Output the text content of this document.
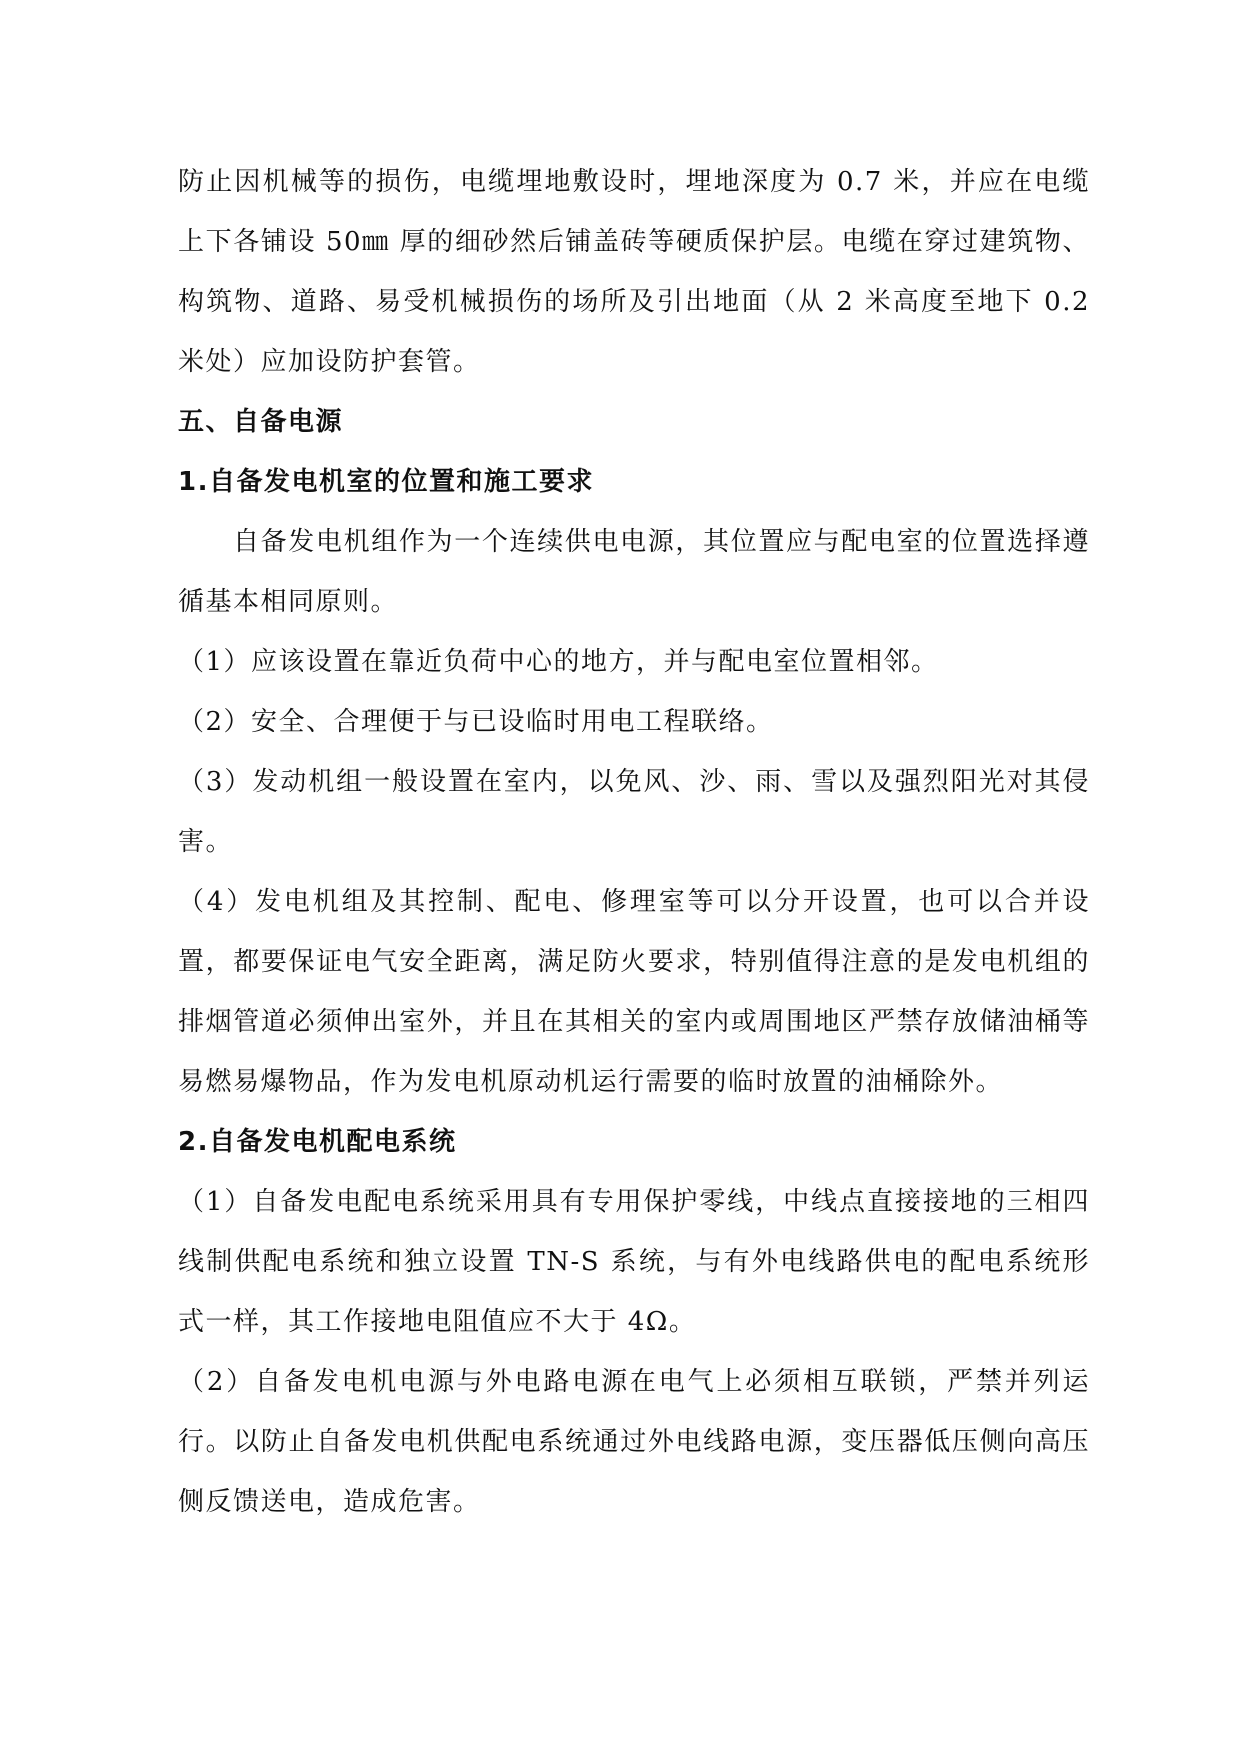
防止因机械等的损伤，电缆埋地敷设时，埋地深度为 0.7 米，并应在电缆上下各铺设 50㎜ 厚的细砂然后铺盖砖等硬质保护层。电缆在穿过建筑物、构筑物、道路、易受机械损伤的场所及引出地面（从 2 米高度至地下 0.2 米处）应加设防护套管。

五、自备电源

1.自备发电机室的位置和施工要求

自备发电机组作为一个连续供电电源，其位置应与配电室的位置选择遵循基本相同原则。

（1）应该设置在靠近负荷中心的地方，并与配电室位置相邻。

（2）安全、合理便于与已设临时用电工程联络。

（3）发动机组一般设置在室内，以免风、沙、雨、雪以及强烈阳光对其侵害。

（4）发电机组及其控制、配电、修理室等可以分开设置，也可以合并设置，都要保证电气安全距离，满足防火要求，特别值得注意的是发电机组的排烟管道必须伸出室外，并且在其相关的室内或周围地区严禁存放储油桶等易燃易爆物品，作为发电机原动机运行需要的临时放置的油桶除外。

2.自备发电机配电系统

（1）自备发电配电系统采用具有专用保护零线，中线点直接接地的三相四线制供配电系统和独立设置 TN-S 系统，与有外电线路供电的配电系统形式一样，其工作接地电阻值应不大于 4Ω。

（2）自备发电机电源与外电路电源在电气上必须相互联锁，严禁并列运行。以防止自备发电机供配电系统通过外电线路电源，变压器低压侧向高压侧反馈送电，造成危害。
